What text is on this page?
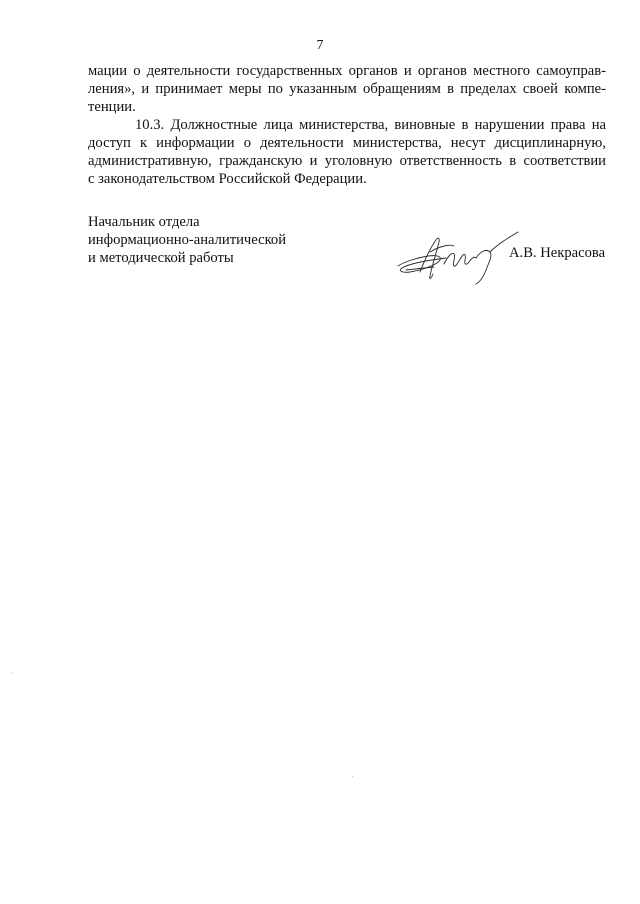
7

мации о деятельности государственных органов и органов местного самоуправ-
ления», и принимает меры по указанным обращениям в пределах своей компе-
тенции.

10.3. Должностные лица министерства, виновные в нарушении права на
доступ к информации о деятельности министерства, несут дисциплинарную,
административную, гражданскую и уголовную ответственность в соответствии
с законодательством Российской Федерации.

Начальник отдела
информационно-аналитической
и методической работы	А.В. Некрасова
